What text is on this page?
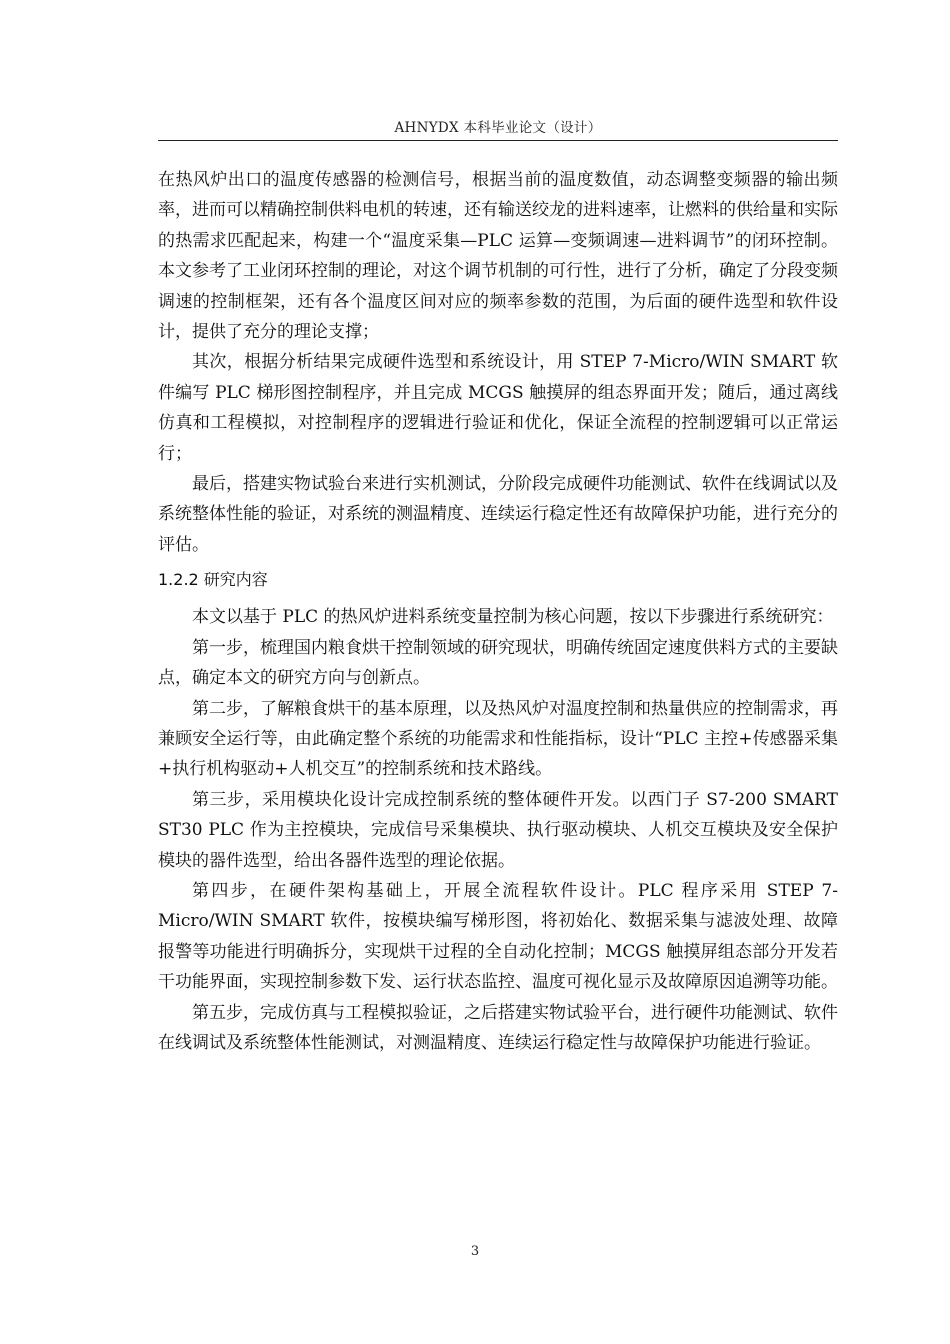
AHNYDX 本科毕业论文（设计）

在热风炉出口的温度传感器的检测信号，根据当前的温度数值，动态调整变频器的输出频率，进而可以精确控制供料电机的转速，还有输送绞龙的进料速率，让燃料的供给量和实际的热需求匹配起来，构建一个“温度采集—PLC 运算—变频调速—进料调节”的闭环控制。本文参考了工业闭环控制的理论，对这个调节机制的可行性，进行了分析，确定了分段变频调速的控制框架，还有各个温度区间对应的频率参数的范围，为后面的硬件选型和软件设计，提供了充分的理论支撑；

其次，根据分析结果完成硬件选型和系统设计，用 STEP 7-Micro/WIN SMART 软件编写 PLC 梯形图控制程序，并且完成 MCGS 触摸屏的组态界面开发；随后，通过离线仿真和工程模拟，对控制程序的逻辑进行验证和优化，保证全流程的控制逻辑可以正常运行；

最后，搭建实物试验台来进行实机测试，分阶段完成硬件功能测试、软件在线调试以及系统整体性能的验证，对系统的测温精度、连续运行稳定性还有故障保护功能，进行充分的评估。

1.2.2 研究内容

本文以基于 PLC 的热风炉进料系统变量控制为核心问题，按以下步骤进行系统研究：

第一步，梳理国内粮食烘干控制领域的研究现状，明确传统固定速度供料方式的主要缺点，确定本文的研究方向与创新点。

第二步，了解粮食烘干的基本原理，以及热风炉对温度控制和热量供应的控制需求，再兼顾安全运行等，由此确定整个系统的功能需求和性能指标，设计“PLC 主控+传感器采集+执行机构驱动+人机交互”的控制系统和技术路线。

第三步，采用模块化设计完成控制系统的整体硬件开发。以西门子 S7-200 SMART ST30 PLC 作为主控模块，完成信号采集模块、执行驱动模块、人机交互模块及安全保护模块的器件选型，给出各器件选型的理论依据。

第四步，在硬件架构基础上，开展全流程软件设计。PLC 程序采用 STEP 7-Micro/WIN SMART 软件，按模块编写梯形图，将初始化、数据采集与滤波处理、故障报警等功能进行明确拆分，实现烘干过程的全自动化控制；MCGS 触摸屏组态部分开发若干功能界面，实现控制参数下发、运行状态监控、温度可视化显示及故障原因追溯等功能。

第五步，完成仿真与工程模拟验证，之后搭建实物试验平台，进行硬件功能测试、软件在线调试及系统整体性能测试，对测温精度、连续运行稳定性与故障保护功能进行验证。

3
